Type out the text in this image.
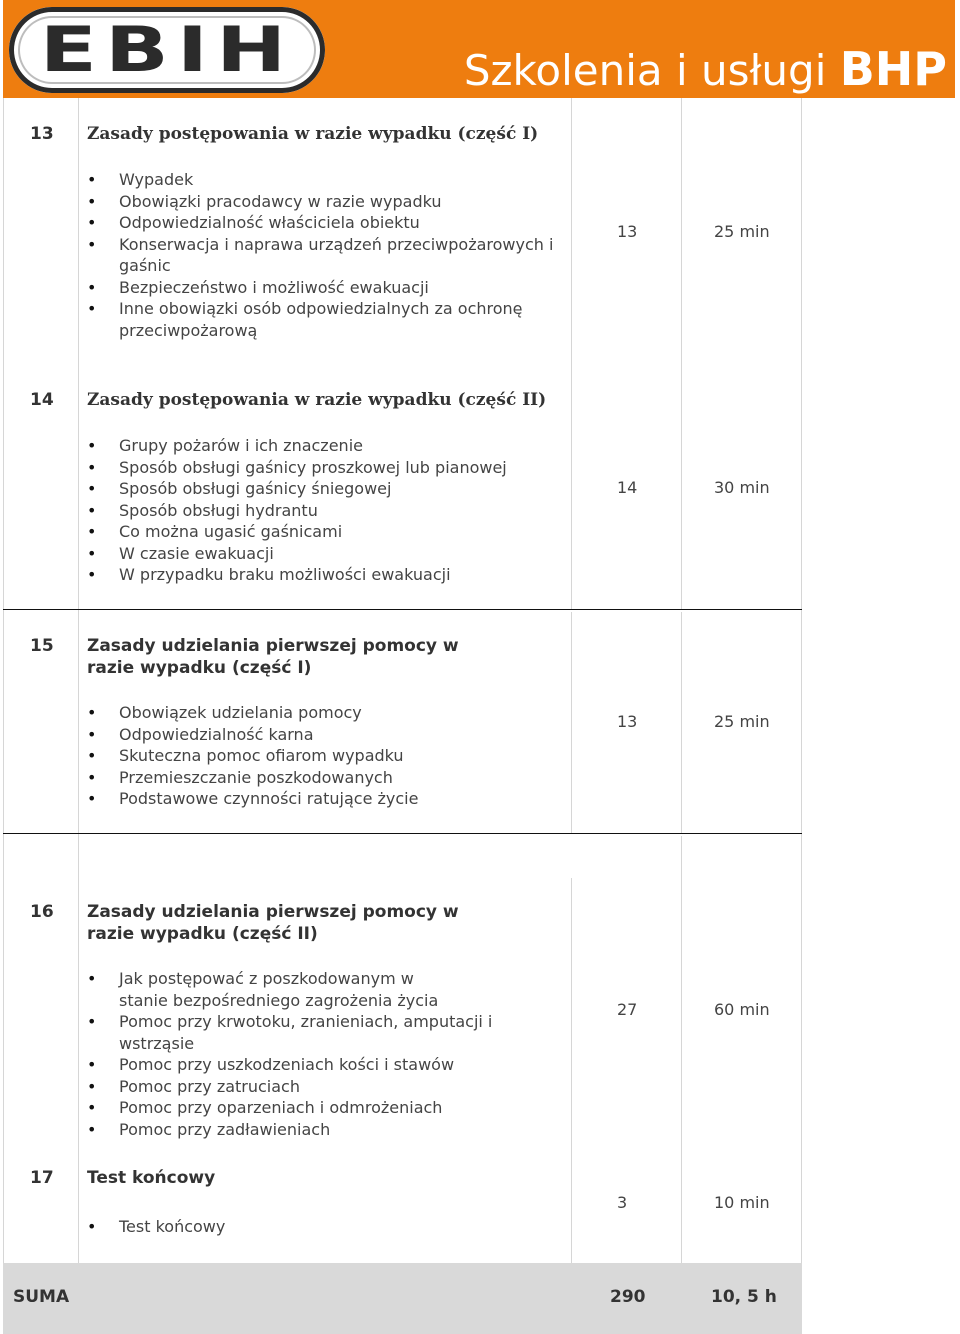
EBIH	Szkolenia i usługi BHP
13 Zasady postępowania w razie wypadku (część I)
• Wypadek
• Obowiązki pracodawcy w razie wypadku
• Odpowiedzialność właściciela obiektu
• Konserwacja i naprawa urządzeń przeciwpożarowych i gaśnic
• Bezpieczeństwo i możliwość ewakuacji
• Inne obowiązki osób odpowiedzialnych za ochronę przeciwpożarową
13	25 min
14 Zasady postępowania w razie wypadku (część II)
• Grupy pożarów i ich znaczenie
• Sposób obsługi gaśnicy proszkowej lub pianowej
• Sposób obsługi gaśnicy śniegowej
• Sposób obsługi hydrantu
• Co można ugasić gaśnicami
• W czasie ewakuacji
• W przypadku braku możliwości ewakuacji
14	30 min
15 Zasady udzielania pierwszej pomocy w razie wypadku (część I)
• Obowiązek udzielania pomocy
• Odpowiedzialność karna
• Skuteczna pomoc ofiarom wypadku
• Przemieszczanie poszkodowanych
• Podstawowe czynności ratujące życie
13	25 min
16 Zasady udzielania pierwszej pomocy w razie wypadku (część II)
• Jak postępować z poszkodowanym w stanie bezpośredniego zagrożenia życia
• Pomoc przy krwotoku, zranieniach, amputacji i wstrząsie
• Pomoc przy uszkodzeniach kości i stawów
• Pomoc przy zatruciach
• Pomoc przy oparzeniach i odmrożeniach
• Pomoc przy zadławieniach
27	60 min
17 Test końcowy
• Test końcowy
3	10 min
SUMA	290	10, 5 h
